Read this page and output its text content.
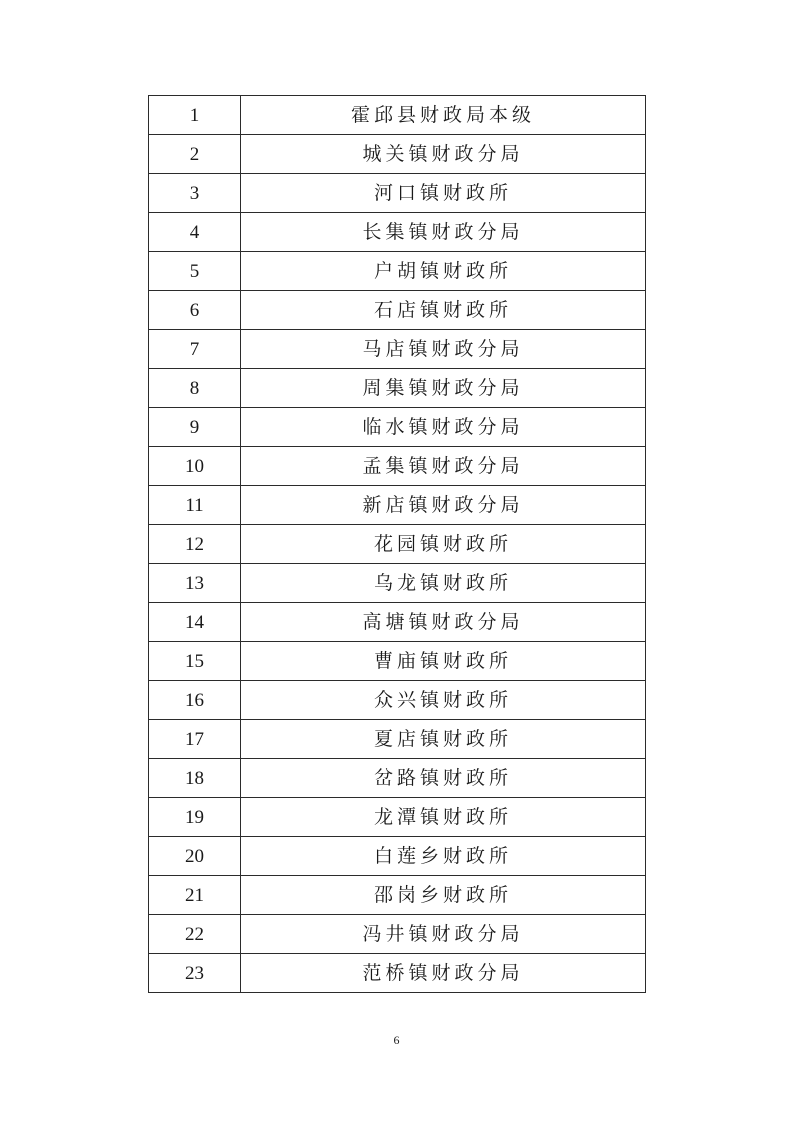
1	霍邱县财政局本级
2	城关镇财政分局
3	河口镇财政所
4	长集镇财政分局
5	户胡镇财政所
6	石店镇财政所
7	马店镇财政分局
8	周集镇财政分局
9	临水镇财政分局
10	孟集镇财政分局
11	新店镇财政分局
12	花园镇财政所
13	乌龙镇财政所
14	高塘镇财政分局
15	曹庙镇财政所
16	众兴镇财政所
17	夏店镇财政所
18	岔路镇财政所
19	龙潭镇财政所
20	白莲乡财政所
21	邵岗乡财政所
22	冯井镇财政分局
23	范桥镇财政分局
6
